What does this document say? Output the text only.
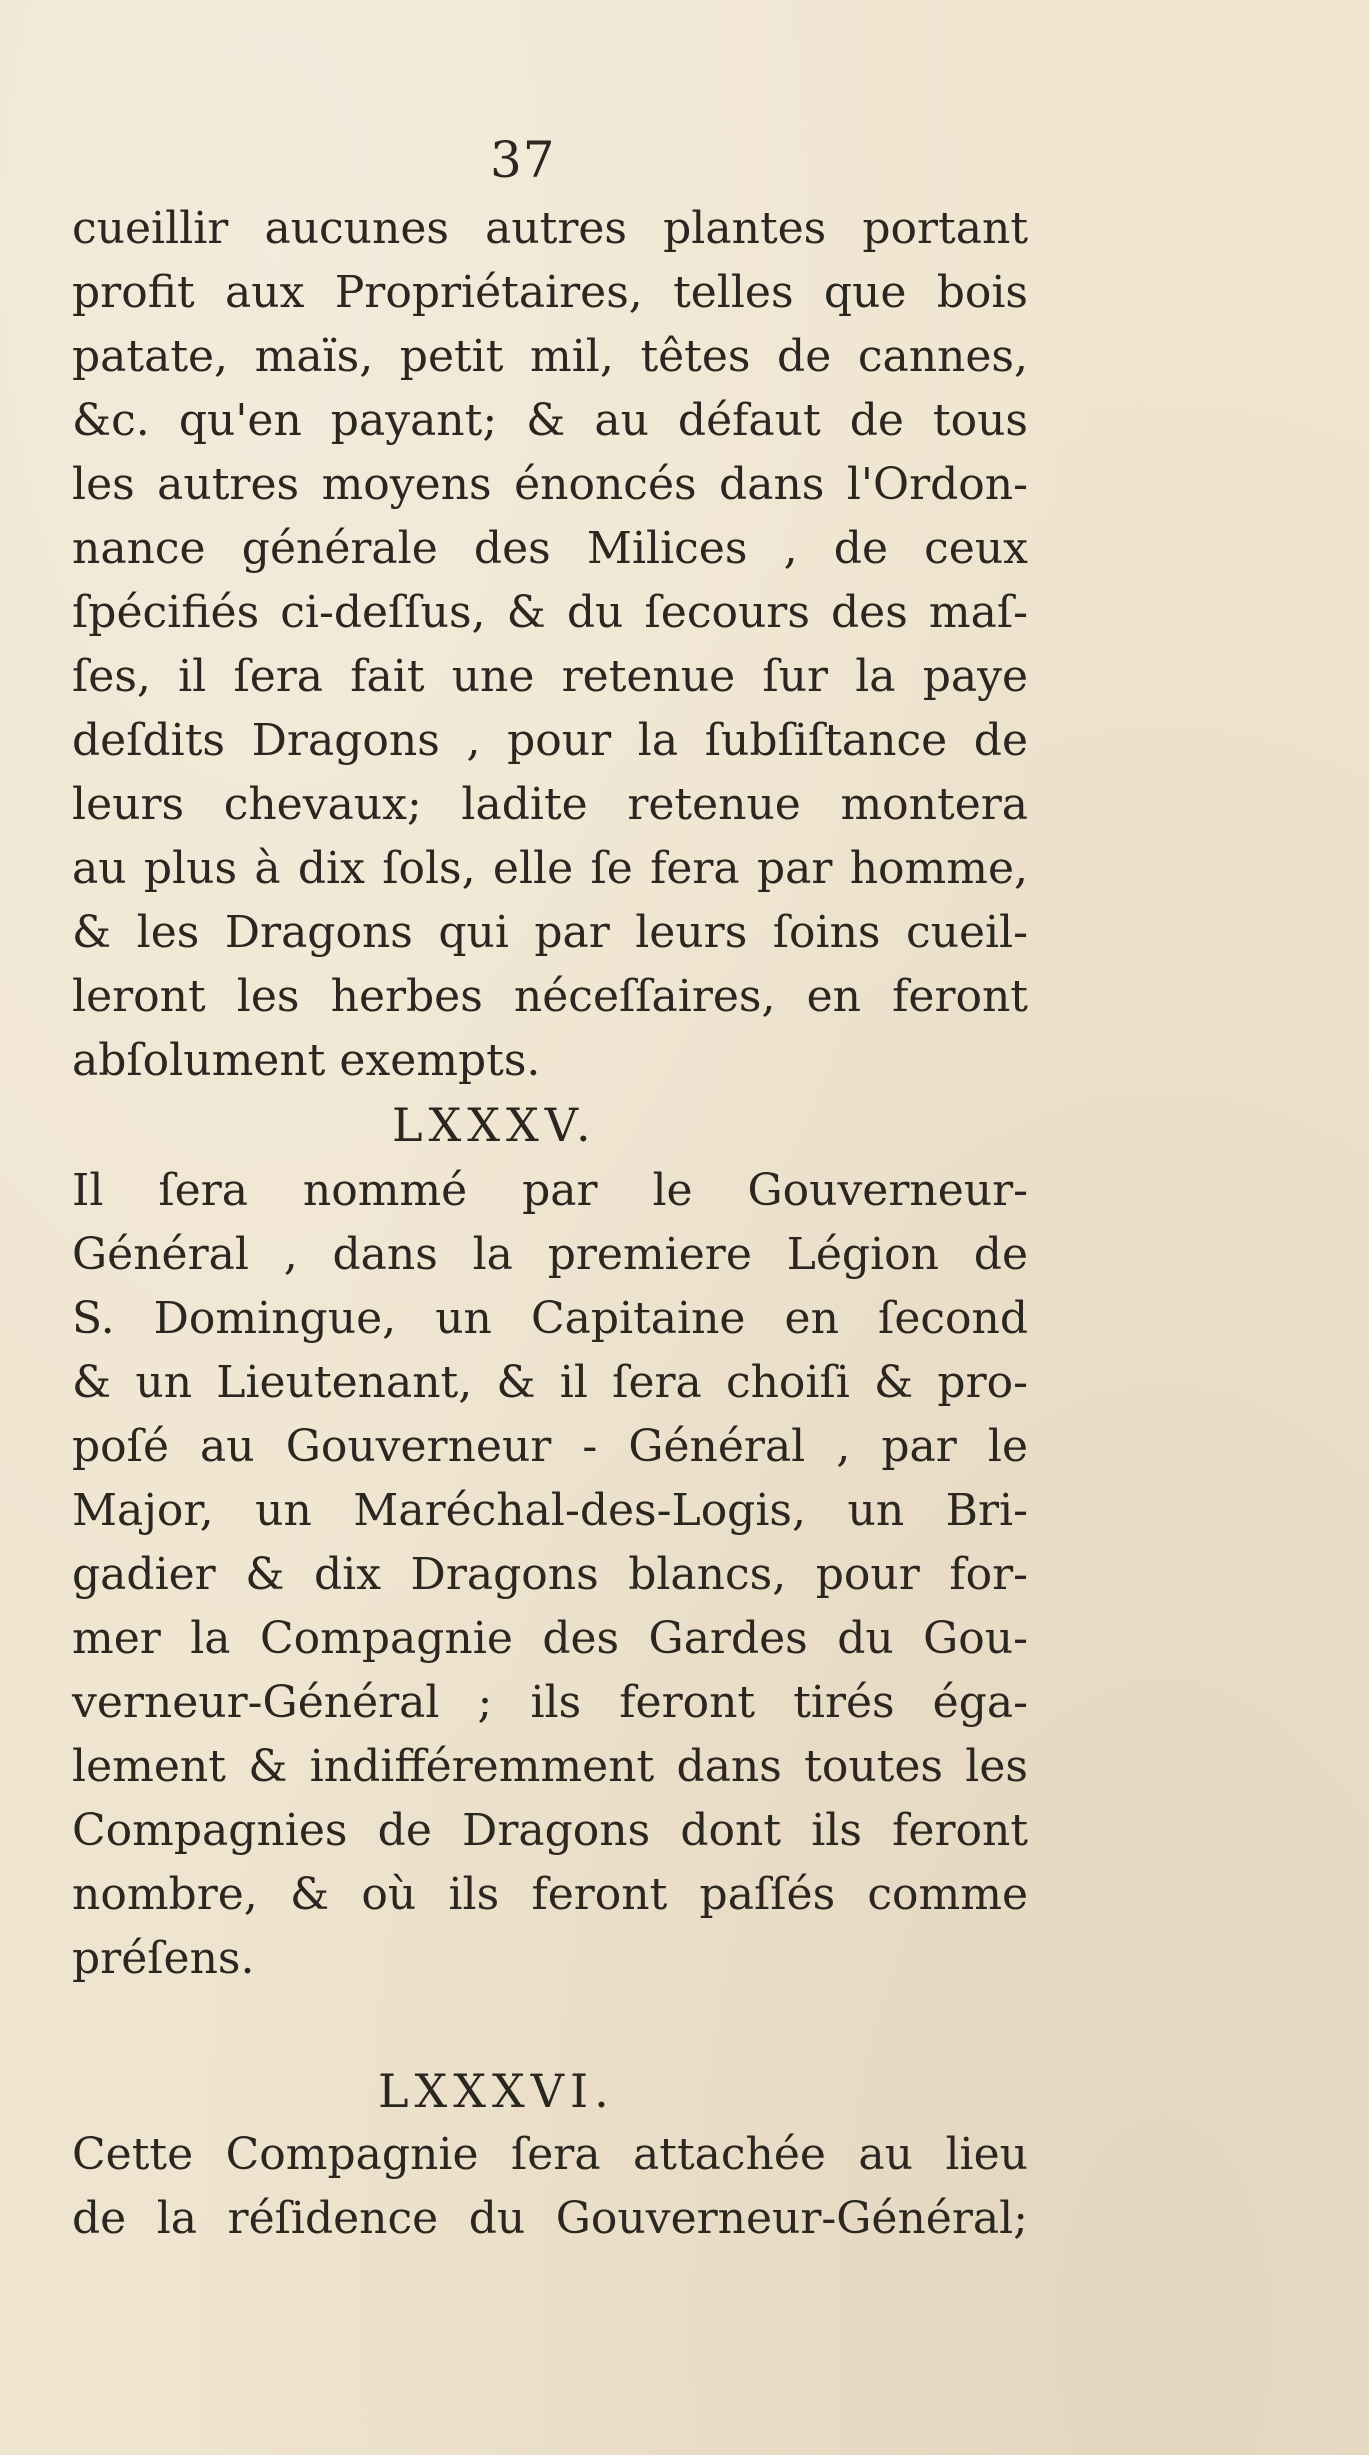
37
cueillir aucunes autres plantes portant
profit aux Propriétaires, telles que bois
patate, maïs, petit mil, têtes de cannes,
&c. qu'en payant; & au défaut de tous
les autres moyens énoncés dans l'Ordon-
nance générale des Milices , de ceux
ſpécifiés ci-deſſus, & du ſecours des maſ-
ſes, il ſera fait une retenue ſur la paye
deſdits Dragons , pour la ſubſiſtance de
leurs chevaux; ladite retenue montera
au plus à dix ſols, elle ſe fera par homme,
& les Dragons qui par leurs ſoins cueil-
leront les herbes néceſſaires, en feront
abſolument exempts.
LXXXV.
Il ſera nommé par le Gouverneur-
Général , dans la premiere Légion de
S. Domingue, un Capitaine en ſecond
& un Lieutenant, & il ſera choiſi & pro-
poſé au Gouverneur - Général , par le
Major, un Maréchal-des-Logis, un Bri-
gadier & dix Dragons blancs, pour for-
mer la Compagnie des Gardes du Gou-
verneur-Général ; ils feront tirés éga-
lement & indifféremment dans toutes les
Compagnies de Dragons dont ils feront
nombre, & où ils feront paſſés comme
préſens.
LXXXVI.
Cette Compagnie ſera attachée au lieu
de la réſidence du Gouverneur-Général;
